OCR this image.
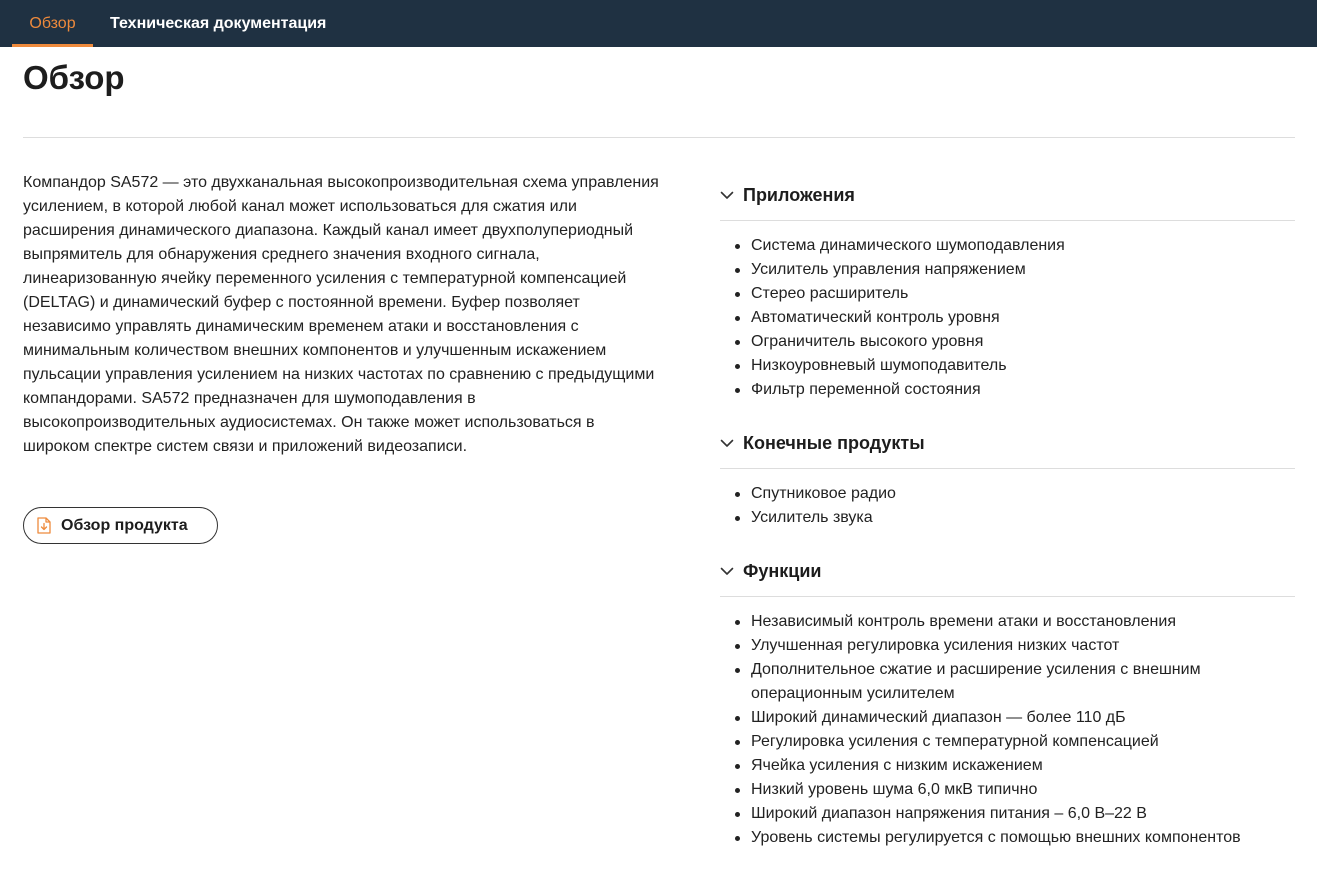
Обзор	Техническая документация
Обзор

Компандор SA572 — это двухканальная высокопроизводительная схема управления усилением, в которой любой канал может использоваться для сжатия или расширения динамического диапазона. Каждый канал имеет двухполупериодный выпрямитель для обнаружения среднего значения входного сигнала, линеаризованную ячейку переменного усиления с температурной компенсацией (DELTAG) и динамический буфер с постоянной времени. Буфер позволяет независимо управлять динамическим временем атаки и восстановления с минимальным количеством внешних компонентов и улучшенным искажением пульсации управления усилением на низких частотах по сравнению с предыдущими компандорами. SA572 предназначен для шумоподавления в высокопроизводительных аудиосистемах. Он также может использоваться в широком спектре систем связи и приложений видеозаписи.

Обзор продукта
Приложения
Система динамического шумоподавления
Усилитель управления напряжением
Стерео расширитель
Автоматический контроль уровня
Ограничитель высокого уровня
Низкоуровневый шумоподавитель
Фильтр переменной состояния
Конечные продукты
Спутниковое радио
Усилитель звука
Функции
Независимый контроль времени атаки и восстановления
Улучшенная регулировка усиления низких частот
Дополнительное сжатие и расширение усиления с внешним операционным усилителем
Широкий динамический диапазон — более 110 дБ
Регулировка усиления с температурной компенсацией
Ячейка усиления с низким искажением
Низкий уровень шума 6,0 мкВ типично
Широкий диапазон напряжения питания – 6,0 В–22 В
Уровень системы регулируется с помощью внешних компонентов
